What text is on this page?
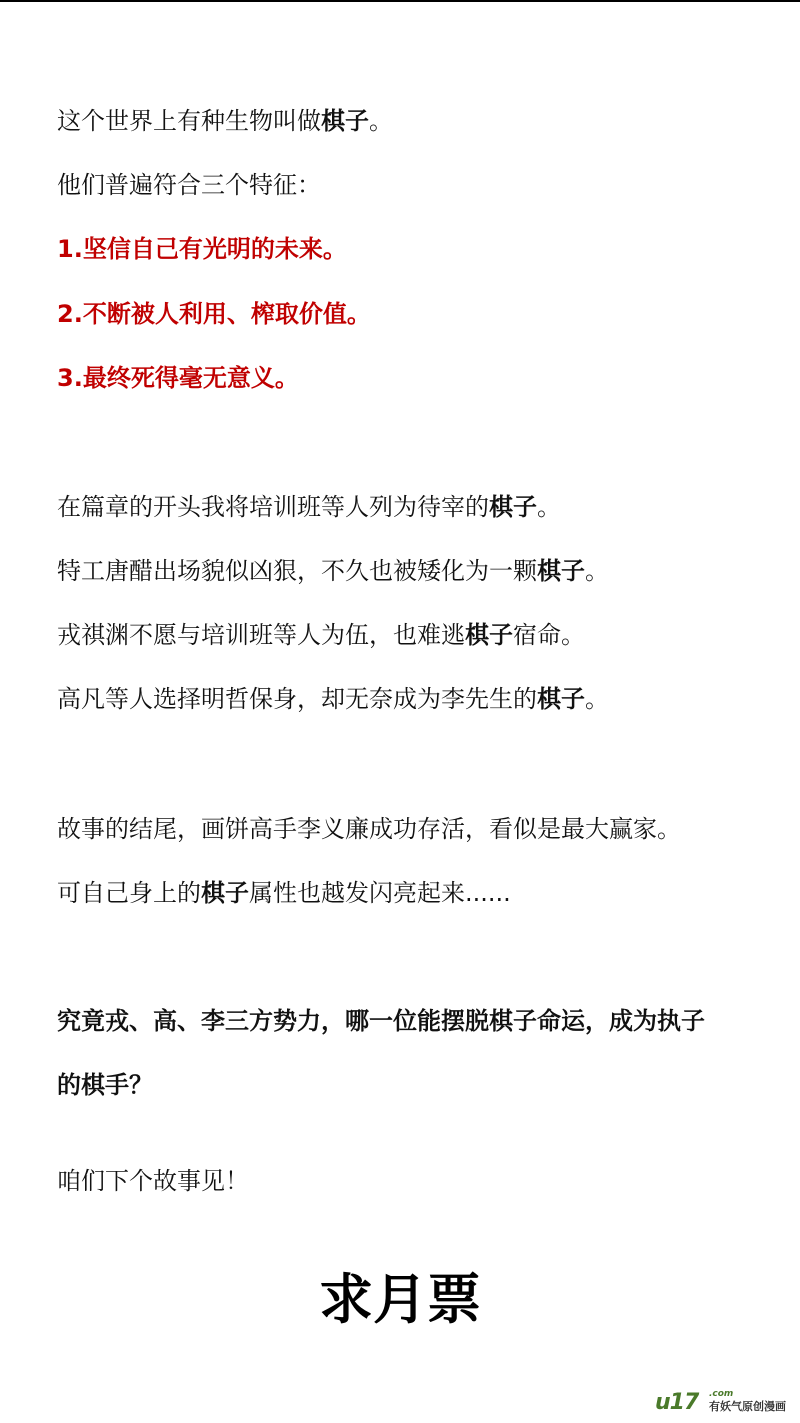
这个世界上有种生物叫做棋子。
他们普遍符合三个特征：
1.坚信自己有光明的未来。
2.不断被人利用、榨取价值。
3.最终死得毫无意义。
在篇章的开头我将培训班等人列为待宰的棋子。
特工唐醋出场貌似凶狠，不久也被矮化为一颗棋子。
戎祺渊不愿与培训班等人为伍，也难逃棋子宿命。
高凡等人选择明哲保身，却无奈成为李先生的棋子。
故事的结尾，画饼高手李义廉成功存活，看似是最大赢家。
可自己身上的棋子属性也越发闪亮起来......
究竟戎、高、李三方势力，哪一位能摆脱棋子命运，成为执子
的棋手？
咱们下个故事见！
求月票
u17 .com
有妖气原创漫画
